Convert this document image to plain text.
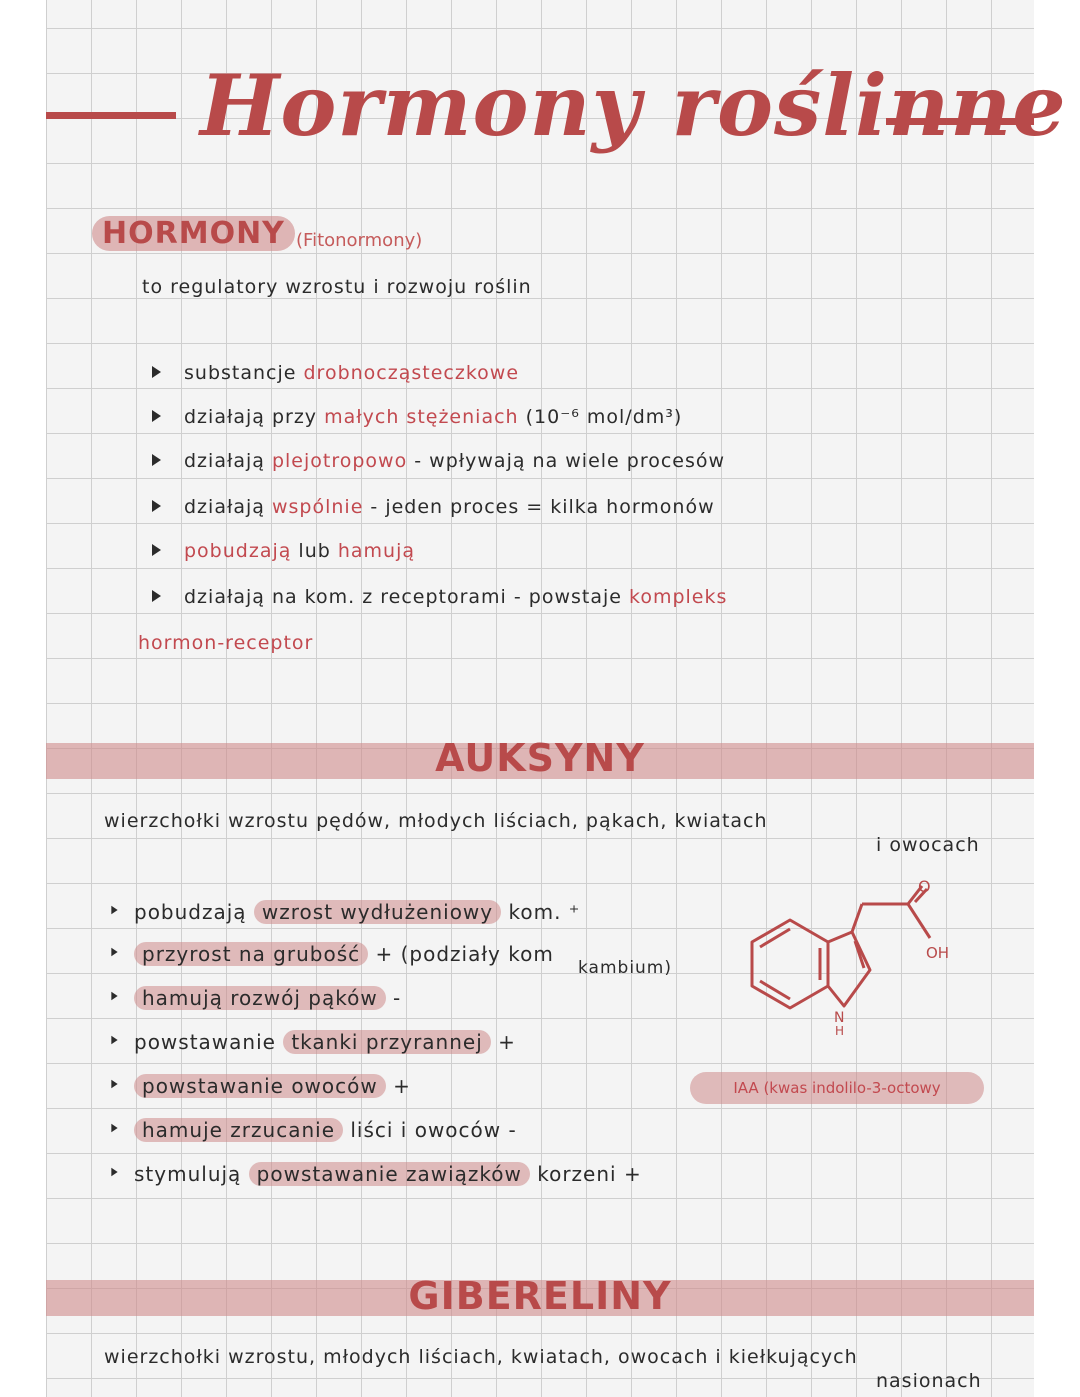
Hormony roślinne
HORMONY (Fitonormony)
to regulatory wzrostu i rozwoju roślin
substancje drobnocząsteczkowe
działają przy małych stężeniach (10⁻⁶ mol/dm³)
działają plejotropowo - wpływają na wiele procesów
działają wspólnie - jeden proces = kilka hormonów
pobudzają lub hamują
działają na kom. z receptorami - powstaje kompleks
hormon-receptor
AUKSYNY
wierzchołki wzrostu pędów, młodych liściach, pąkach, kwiatach
i owocach
pobudzają wzrost wydłużeniowy kom. ⁺
przyrost na grubość + (podziały kom
hamują rozwój pąków -
powstawanie tkanki przyrannej +
powstawanie owoców +
hamuje zrzucanie liści i owoców -
stymulują powstawanie zawiązków korzeni +
kambium)
O
OH
N
H
IAA (kwas indolilo-3-octowy
GIBERELINY
wierzchołki wzrostu, młodych liściach, kwiatach, owocach i kiełkujących
nasionach
